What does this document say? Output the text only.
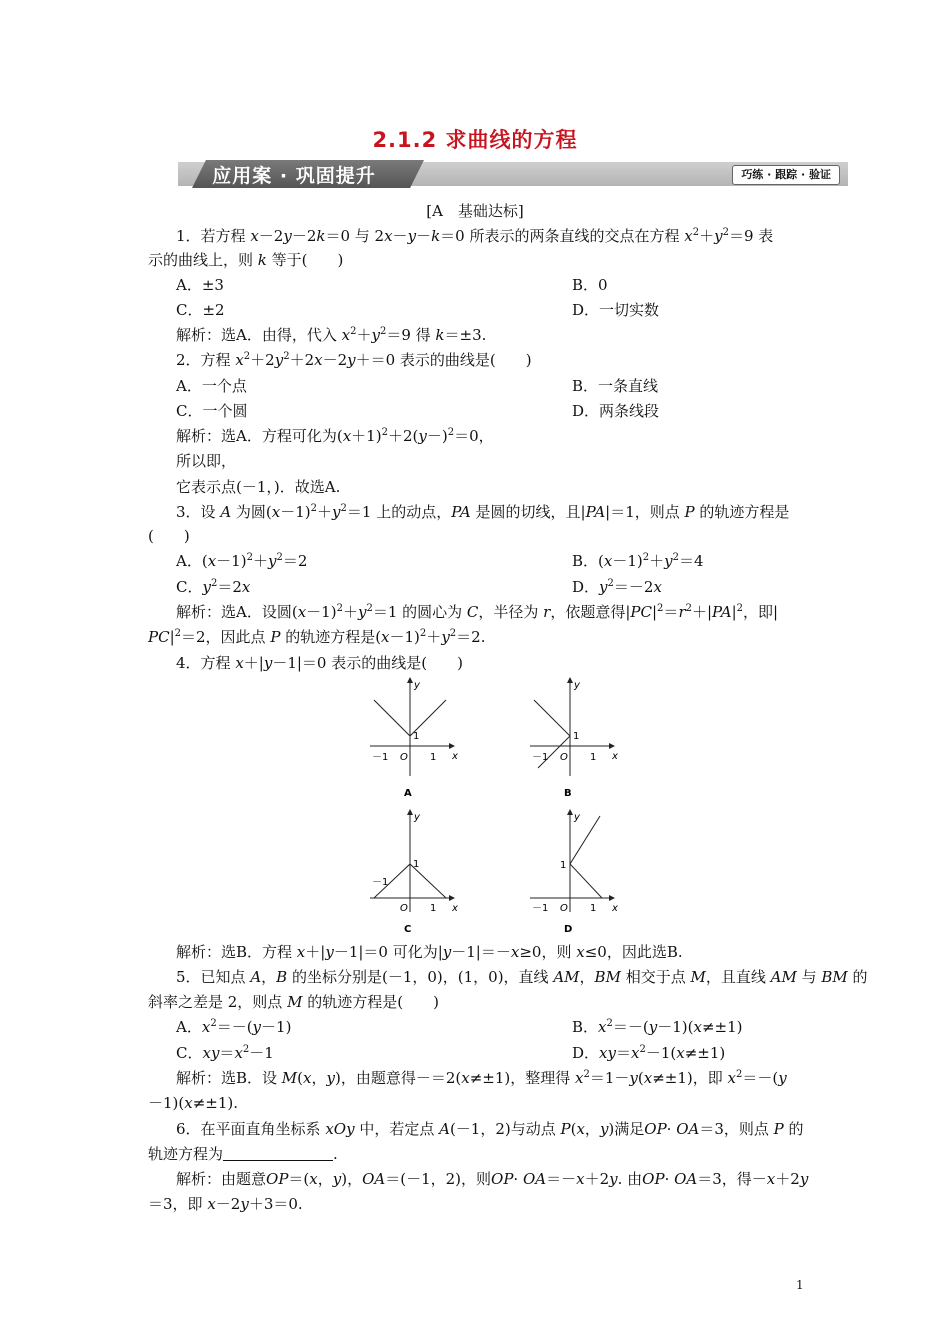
2.1.2 求曲线的方程
应用案 · 巩固提升	巧练 · 跟踪 · 验证
[A　基础达标]
1．若方程 x－2y－2k＝0 与 2x－y－k＝0 所表示的两条直线的交点在方程 $x^2+y^2=9$ 表
示的曲线上，则 k 等于(　　)
A．±3	B．0
C．±2	D．一切实数
解析：选A．由得，代入 $x^2+y^2=9$ 得 k＝±3.
2．方程 $x^2+2y^2+2x-2y+=0$ 表示的曲线是(　　)
A．一个点	B．一条直线
C．一个圆	D．两条线段
解析：选A．方程可化为$(x+1)^2+2(y-)^2=0$，
所以即，
它表示点(－1，)．故选A.
3．设 A 为圆$(x-1)^2+y^2=1$ 上的动点，PA 是圆的切线，且|PA|＝1，则点 P 的轨迹方程是
(　　)
A．$(x-1)^2+y^2=2$	B．$(x-1)^2+y^2=4$
C．$y^2=2x$	D．$y^2=-2x$
解析：选A．设圆$(x-1)^2+y^2=1$ 的圆心为 C，半径为 r，依题意得$|PC|^2=r^2+|PA|^2$，即|
$PC|^2=2$，因此点 P 的轨迹方程是$(x-1)^2+y^2=2$.
4．方程 x＋|y－1|＝0 表示的曲线是(　　)
y
x
1
－1 O 1
A
y
x
1
－1 O 1
B
y
x
1
－1
O 1
C
y
x
1
－1 O 1
D
解析：选B．方程 x＋|y－1|＝0 可化为|y－1|＝－x≥0，则 x≤0，因此选B.
5．已知点 A，B 的坐标分别是(－1，0)，(1，0)，直线 AM，BM 相交于点 M，且直线 AM 与 BM 的
斜率之差是 2，则点 M 的轨迹方程是(　　)
A．$x^2=-(y-1)$	B．$x^2=-(y-1)(x\ne\pm 1)$
C．$xy=x^2-1$	D．$xy=x^2-1(x\ne\pm 1)$
解析：选B．设 M(x，y)，由题意得－＝2(x≠±1)，整理得 $x^2=1-y(x\ne\pm 1)$，即 $x^2=-(y$
－1)(x≠±1).
6．在平面直角坐标系 xOy 中，若定点 A(－1，2)与动点 P(x，y)满足OP· OA＝3，则点 P 的
轨迹方程为	.
解析：由题意OP＝(x，y)，OA＝(－1，2)，则OP· OA＝－x＋2y. 由OP· OA＝3，得－x＋2y
＝3，即 x－2y＋3＝0.
1
